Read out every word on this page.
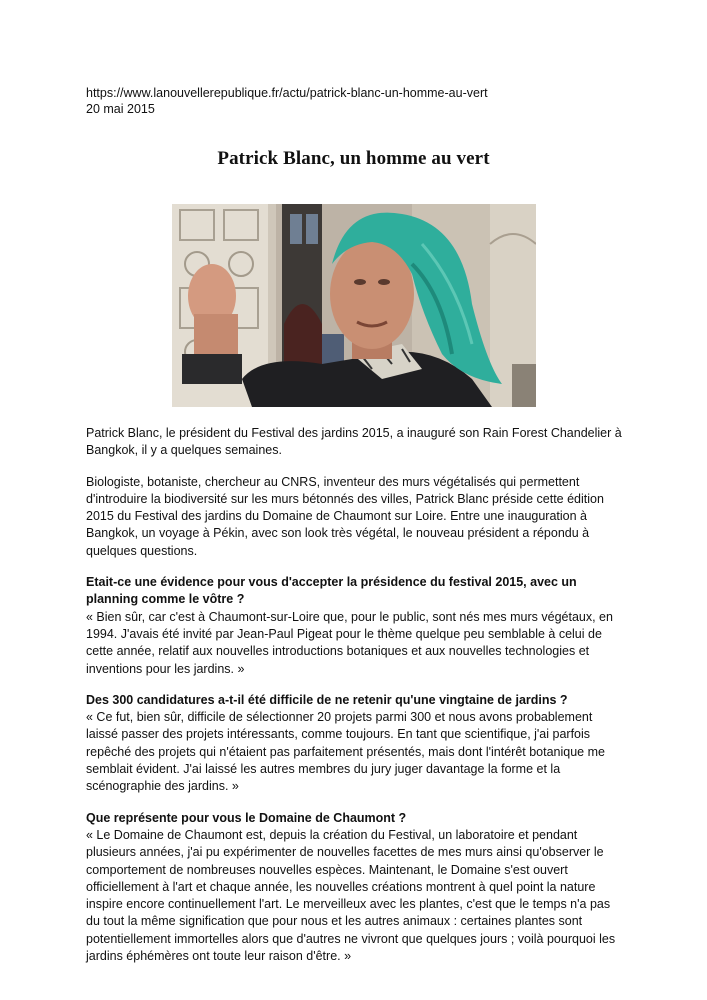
https://www.lanouvellerepublique.fr/actu/patrick-blanc-un-homme-au-vert
20 mai 2015
Patrick Blanc, un homme au vert

Patrick Blanc, le président du Festival des jardins 2015, a inauguré son Rain Forest Chandelier à Bangkok, il y a quelques semaines.

Biologiste, botaniste, chercheur au CNRS, inventeur des murs végétalisés qui permettent d'introduire la biodiversité sur les murs bétonnés des villes, Patrick Blanc préside cette édition 2015 du Festival des jardins du Domaine de Chaumont sur Loire. Entre une inauguration à Bangkok, un voyage à Pékin, avec son look très végétal, le nouveau président a répondu à quelques questions.

Etait-ce une évidence pour vous d'accepter la présidence du festival 2015, avec un planning comme le vôtre ?
« Bien sûr, car c'est à Chaumont-sur-Loire que, pour le public, sont nés mes murs végétaux, en 1994. J'avais été invité par Jean-Paul Pigeat pour le thème quelque peu semblable à celui de cette année, relatif aux nouvelles introductions botaniques et aux nouvelles technologies et inventions pour les jardins. »
Des 300 candidatures a-t-il été difficile de ne retenir qu'une vingtaine de jardins ?
« Ce fut, bien sûr, difficile de sélectionner 20 projets parmi 300 et nous avons probablement laissé passer des projets intéressants, comme toujours. En tant que scientifique, j'ai parfois repêché des projets qui n'étaient pas parfaitement présentés, mais dont l'intérêt botanique me semblait évident. J'ai laissé les autres membres du jury juger davantage la forme et la scénographie des jardins. »
Que représente pour vous le Domaine de Chaumont ?
« Le Domaine de Chaumont est, depuis la création du Festival, un laboratoire et pendant plusieurs années, j'ai pu expérimenter de nouvelles facettes de mes murs ainsi qu'observer le comportement de nombreuses nouvelles espèces. Maintenant, le Domaine s'est ouvert officiellement à l'art et chaque année, les nouvelles créations montrent à quel point la nature inspire encore continuellement l'art. Le merveilleux avec les plantes, c'est que le temps n'a pas du tout la même signification que pour nous et les autres animaux : certaines plantes sont potentiellement immortelles alors que d'autres ne vivront que quelques jours ; voilà pourquoi les jardins éphémères ont toute leur raison d'être. »
